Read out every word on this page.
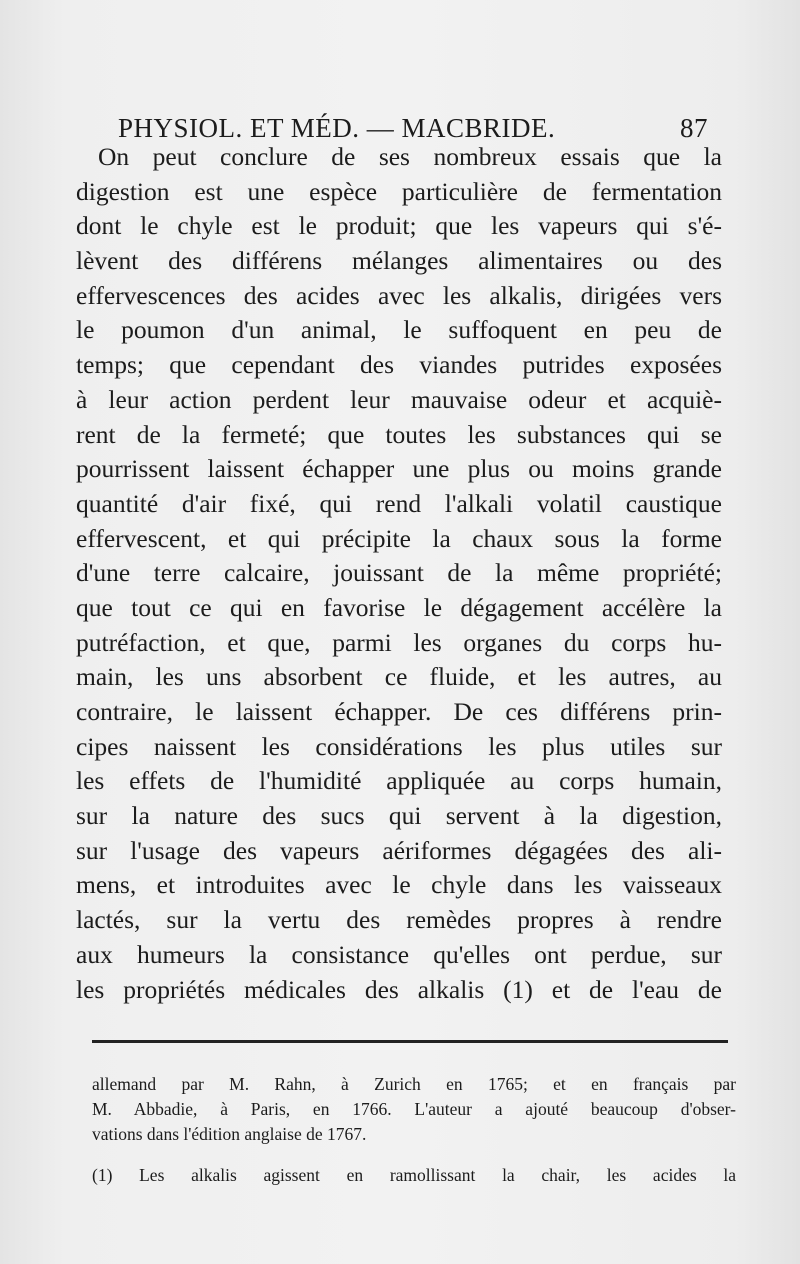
PHYSIOL. ET MÉD. — MACBRIDE.	87
On peut conclure de ses nombreux essais que la
digestion est une espèce particulière de fermentation
dont le chyle est le produit; que les vapeurs qui s'é-
lèvent des différens mélanges alimentaires ou des
effervescences des acides avec les alkalis, dirigées vers
le poumon d'un animal, le suffoquent en peu de
temps; que cependant des viandes putrides exposées
à leur action perdent leur mauvaise odeur et acquiè-
rent de la fermeté; que toutes les substances qui se
pourrissent laissent échapper une plus ou moins grande
quantité d'air fixé, qui rend l'alkali volatil caustique
effervescent, et qui précipite la chaux sous la forme
d'une terre calcaire, jouissant de la même propriété;
que tout ce qui en favorise le dégagement accélère la
putréfaction, et que, parmi les organes du corps hu-
main, les uns absorbent ce fluide, et les autres, au
contraire, le laissent échapper. De ces différens prin-
cipes naissent les considérations les plus utiles sur
les effets de l'humidité appliquée au corps humain,
sur la nature des sucs qui servent à la digestion,
sur l'usage des vapeurs aériformes dégagées des ali-
mens, et introduites avec le chyle dans les vaisseaux
lactés, sur la vertu des remèdes propres à rendre
aux humeurs la consistance qu'elles ont perdue, sur
les propriétés médicales des alkalis (1) et de l'eau de
allemand par M. Rahn, à Zurich en 1765; et en français par
M. Abbadie, à Paris, en 1766. L'auteur a ajouté beaucoup d'obser-
vations dans l'édition anglaise de 1767.
(1) Les alkalis agissent en ramollissant la chair, les acides la
